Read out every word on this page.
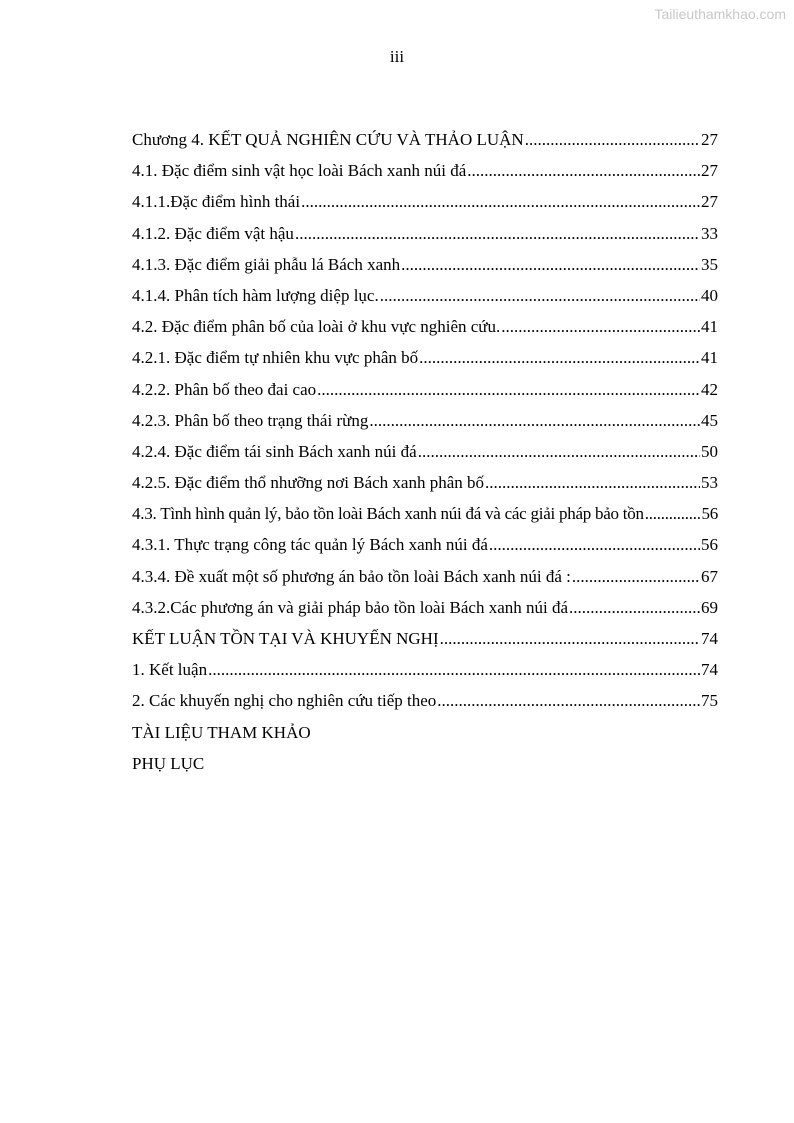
Tailieuthamkhao.com
iii
Chương 4. KẾT QUẢ NGHIÊN CỨU VÀ THẢO LUẬN .....	27
4.1. Đặc điểm sinh vật học loài Bách xanh núi đá .....	27
4.1.1.Đặc điểm hình thái .....	27
4.1.2. Đặc điểm vật hậu .....	33
4.1.3. Đặc điểm giải phẫu lá Bách xanh .....	35
4.1.4. Phân tích hàm lượng diệp lục. .....	40
4.2. Đặc điểm phân bố của loài ở khu vực nghiên cứu. .....	41
4.2.1. Đặc điểm tự nhiên khu vực phân bố .....	41
4.2.2. Phân bố theo đai cao .....	42
4.2.3. Phân bố theo trạng thái rừng .....	45
4.2.4. Đặc điểm tái sinh Bách xanh núi đá .....	50
4.2.5. Đặc điểm thổ nhưỡng nơi Bách xanh phân bố .....	53
4.3. Tình hình quản lý, bảo tồn loài Bách xanh núi đá và các giải pháp bảo tồn .....	56
4.3.1. Thực trạng công tác quản lý Bách xanh núi đá .....	56
4.3.4. Đề xuất một số phương án bảo tồn loài Bách xanh núi đá : .....	67
4.3.2.Các phương án và giải pháp bảo tồn loài Bách xanh núi đá .....	69
KẾT LUẬN TỒN TẠI VÀ KHUYẾN NGHỊ .....	74
1. Kết luận .....	74
2. Các khuyến nghị cho nghiên cứu tiếp theo .....	75
TÀI LIỆU THAM KHẢO
PHỤ LỤC
